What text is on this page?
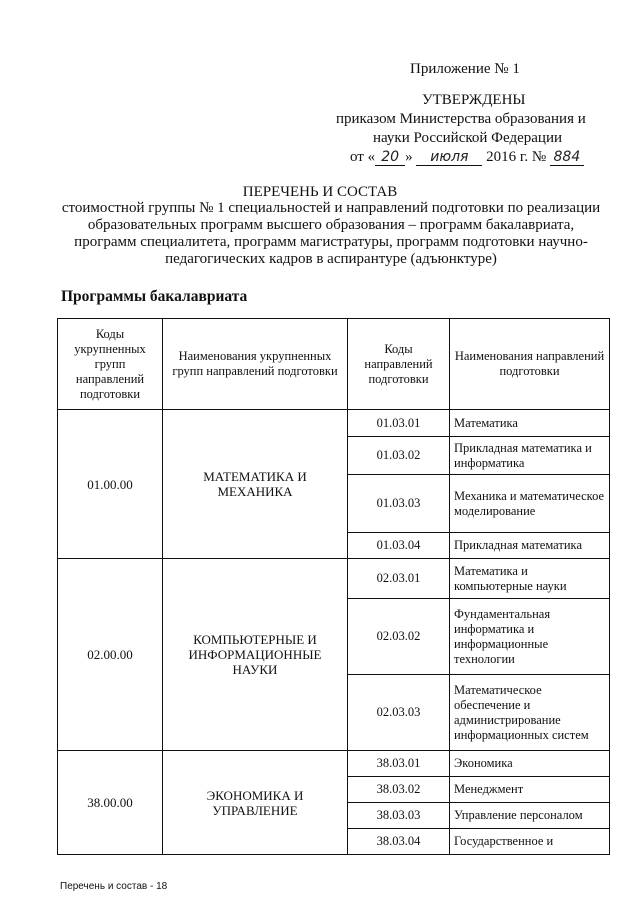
Приложение № 1
УТВЕРЖДЕНЫ
приказом Министерства образования и
науки Российской Федерации
от « 20 » июля 2016 г. № 884
ПЕРЕЧЕНЬ И СОСТАВ
стоимостной группы № 1 специальностей и направлений подготовки по реализации образовательных программ высшего образования – программ бакалавриата, программ специалитета, программ магистратуры, программ подготовки научно-педагогических кадров в аспирантуре (адъюнктуре)
Программы бакалавриата
Коды укрупненных групп направлений подготовки	Наименования укрупненных групп направлений подготовки	Коды направлений подготовки	Наименования направлений подготовки
01.00.00	МАТЕМАТИКА И МЕХАНИКА	01.03.01	Математика
		01.03.02	Прикладная математика и информатика
		01.03.03	Механика и математическое моделирование
		01.03.04	Прикладная математика
02.00.00	КОМПЬЮТЕРНЫЕ И ИНФОРМАЦИОННЫЕ НАУКИ	02.03.01	Математика и компьютерные науки
		02.03.02	Фундаментальная информатика и информационные технологии
		02.03.03	Математическое обеспечение и администрирование информационных систем
38.00.00	ЭКОНОМИКА И УПРАВЛЕНИЕ	38.03.01	Экономика
		38.03.02	Менеджмент
		38.03.03	Управление персоналом
		38.03.04	Государственное и
Перечень и состав - 18
